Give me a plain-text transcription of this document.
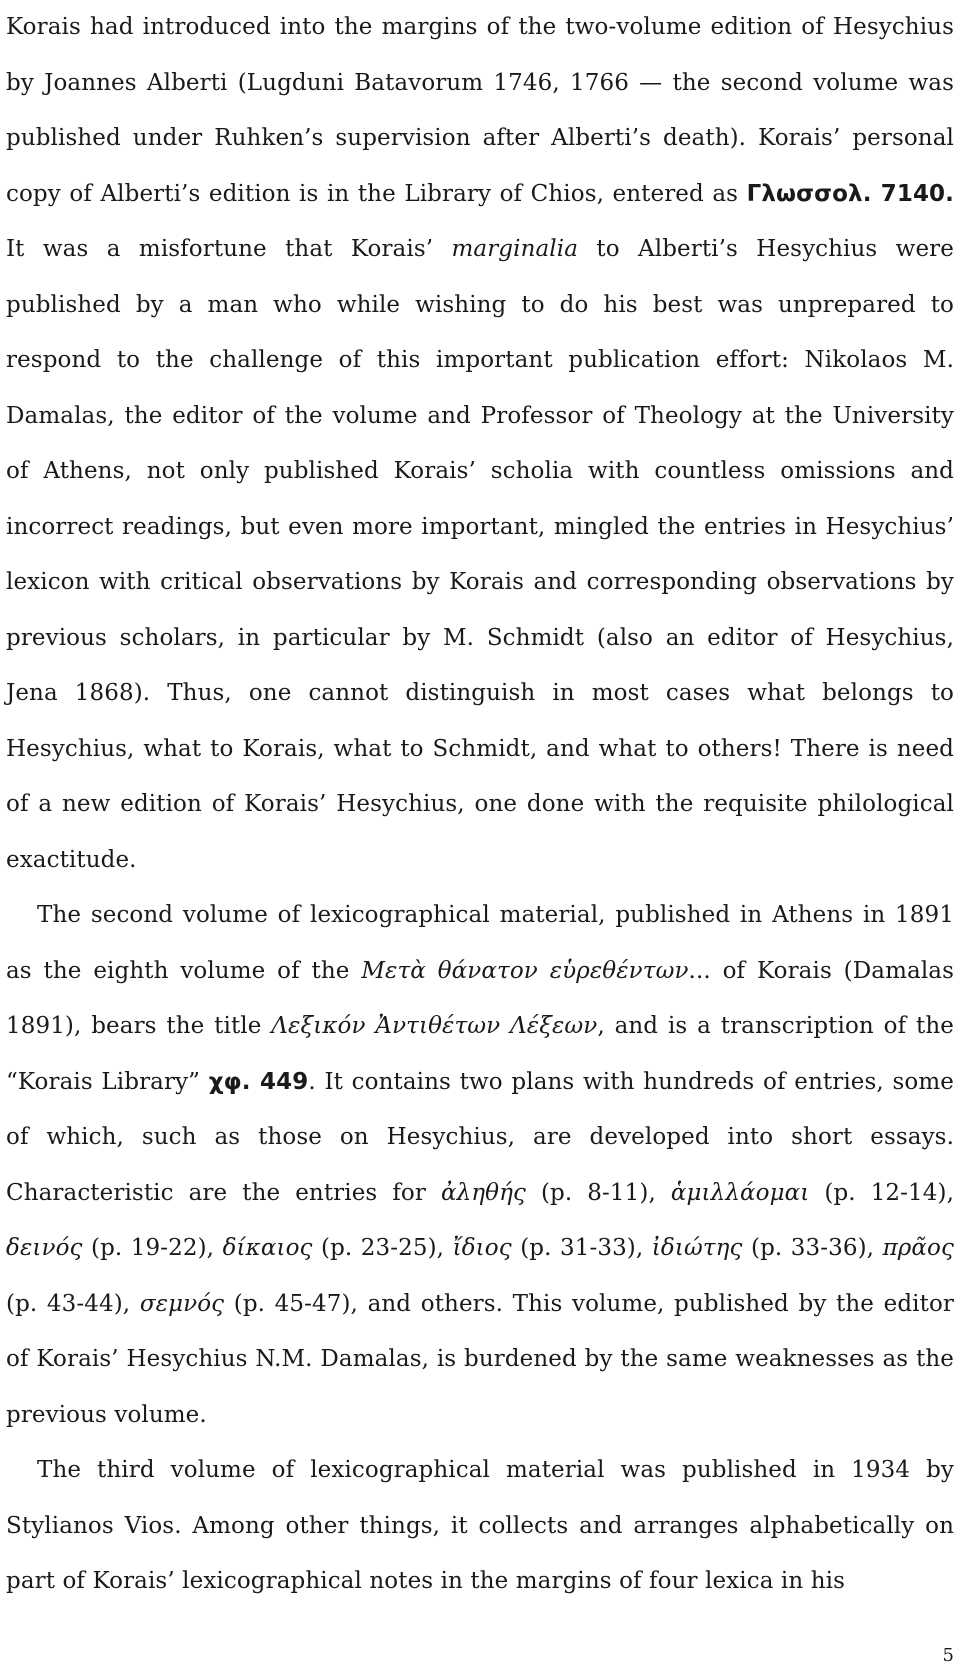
Korais had introduced into the margins of the two-volume edition of Hesychius by Joannes Alberti (Lugduni Batavorum 1746, 1766 — the second volume was published under Ruhken’s supervision after Alberti’s death). Korais’ personal copy of Alberti’s edition is in the Library of Chios, entered as Γλωσσολ. 7140. It was a misfortune that Korais’ marginalia to Alberti’s Hesychius were published by a man who while wishing to do his best was unprepared to respond to the challenge of this important publication effort: Nikolaos M. Damalas, the editor of the volume and Professor of Theology at the University of Athens, not only published Korais’ scholia with countless omissions and incorrect readings, but even more important, mingled the entries in Hesychius’ lexicon with critical observations by Korais and corresponding observations by previous scholars, in particular by M. Schmidt (also an editor of Hesychius, Jena 1868). Thus, one cannot distinguish in most cases what belongs to Hesychius, what to Korais, what to Schmidt, and what to others! There is need of a new edition of Korais’ Hesychius, one done with the requisite philological exactitude.

The second volume of lexicographical material, published in Athens in 1891 as the eighth volume of the Μετὰ θάνατον εὑρεθέντων... of Korais (Damalas 1891), bears the title Λεξικόν Ἀντιθέτων Λέξεων, and is a transcription of the “Korais Library” χφ. 449. It contains two plans with hundreds of entries, some of which, such as those on Hesychius, are developed into short essays. Characteristic are the entries for ἀληθής (p. 8-11), ἁμιλλάομαι (p. 12-14), δεινός (p. 19-22), δίκαιος (p. 23-25), ἴδιος (p. 31-33), ἰδιώτης (p. 33-36), πρᾶος (p. 43-44), σεμνός (p. 45-47), and others. This volume, published by the editor of Korais’ Hesychius N.M. Damalas, is burdened by the same weaknesses as the previous volume.

The third volume of lexicographical material was published in 1934 by Stylianos Vios. Among other things, it collects and arranges alphabetically on part of Korais’ lexicographical notes in the margins of four lexica in his

5
